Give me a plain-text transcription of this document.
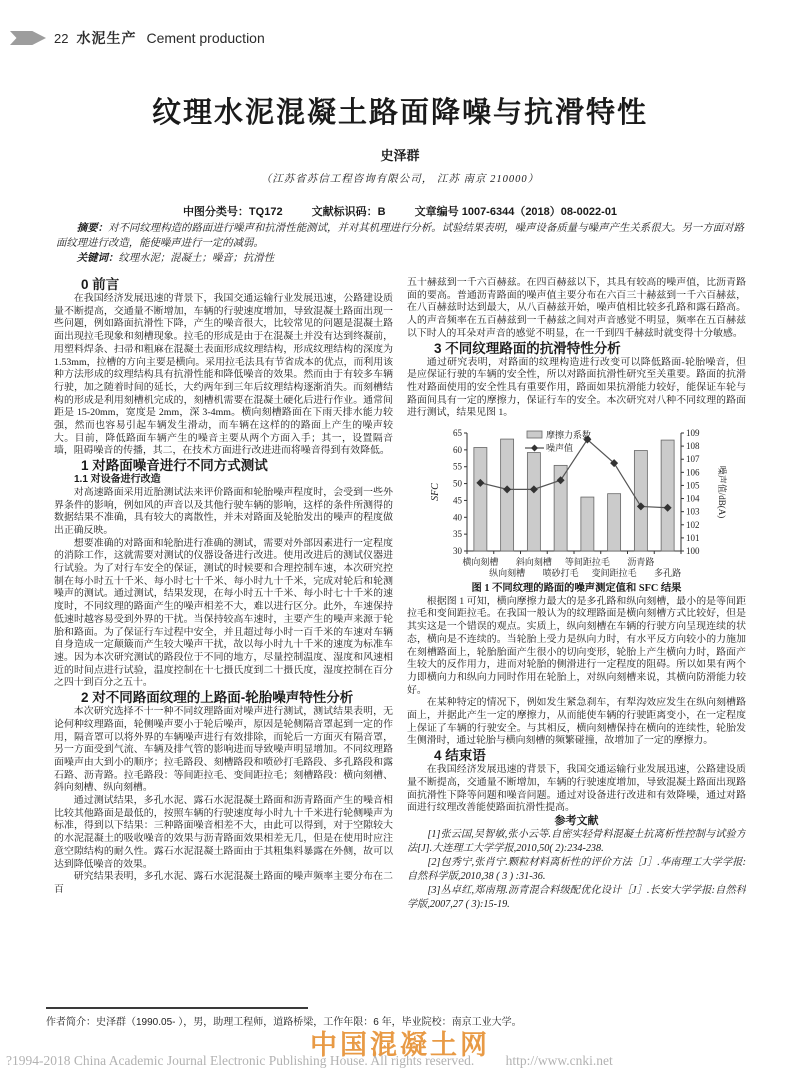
22 水泥生产 Cement production
纹理水泥混凝土路面降噪与抗滑特性
史泽群
（江苏省苏信工程咨询有限公司， 江苏 南京 210000）
中图分类号：TQ172	文献标识码：B	文章编号 1007-6344（2018）08-0022-01
摘要：对不同纹理构造的路面进行噪声和抗滑性能测试，并对其机理进行分析。试验结果表明，噪声设备质量与噪声产生关系很大。另一方面对路面纹理进行改造，能使噪声进行一定的减弱。
关键词：纹理水泥；混凝土；噪音；抗滑性

0 前言

在我国经济发展迅速的背景下，我国交通运输行业发展迅速，公路建设质量不断提高，交通量不断增加，车辆的行驶速度增加，导致混凝土路面出现一些问题，例如路面抗滑性下降，产生的噪音很大，比较常见的问题是混凝土路面出现拉毛现象和刻槽现象。拉毛的形成是由于在混凝土并没有达到终凝前，用塑料焊条、扫帚和粗麻在混凝土表面形成纹理结构，形成纹理结构的深度为 1.53mm，拉槽的方向主要是横向。采用拉毛法具有节省成本的优点，而利用该种方法形成的纹理结构具有抗滑性能和降低噪音的效果。然而由于有较多车辆行驶，加之随着时间的延长，大约两年到三年后纹理结构逐渐消失。而刻槽结构的形成是利用刻槽机完成的，刻槽机需要在混凝土硬化后进行作业。通常间距是 15-20mm，宽度是 2mm，深 3-4mm。横向刻槽路面在下雨天排水能力较强，然而也容易引起车辆发生滑动，而车辆在这样的的路面上产生的噪声较大。目前，降低路面车辆产生的噪音主要从两个方面入手；其一，设置隔音墙，阻碍噪音的传播，其二，在技术方面进行改进进而将噪音得到有效降低。

1 对路面噪音进行不同方式测试

1.1 对设备进行改造

对高速路面采用近胎测试法来评价路面和轮胎噪声程度时，会受到一些外界条件的影响，例如风的声音以及其他行驶车辆的影响，这样的条件所测得的数据结果不准确，具有较大的离散性，并未对路面及轮胎发出的噪声的程度做出正确反映。

想要准确的对路面和轮胎进行准确的测试，需要对外部因素进行一定程度的消除工作，这就需要对测试的仪器设备进行改进。使用改进后的测试仪器进行试验。为了对行车安全的保证，测试的时候要和合理控制车速，本次研究控制在每小时五十千米、每小时七十千米、每小时九十千米，完成对轮后和轮测噪声的测试。通过测试，结果发现，在每小时五十千米、每小时七十千米的速度时，不同纹理的路面产生的噪声相差不大，难以进行区分。此外，车速保持低速时越容易受到外界的干扰。当保持较高车速时，主要产生的噪声来源于轮胎和路面。为了保证行车过程中安全，并且超过每小时一百千米的车速对车辆自身造成一定颠簸而产生较大噪声干扰，故以每小时九十千米的速度为标准车速。因为本次研究测试的路段位于不同的地方，尽量控制温度、湿度和风速相近的时间点进行试验，温度控制在十七摄氏度到二十摄氏度，湿度控制在百分之四十到百分之五十。

2 对不同路面纹理的上路面-轮胎噪声特性分析

本次研究选择不十一种不同纹理路面对噪声进行测试，测试结果表明，无论何种纹理路面，轮侧噪声要小于轮后噪声，原因是轮侧隔音罩起到一定的作用，隔音罩可以将外界的车辆噪声进行有效排除，而轮后一方面灭有隔音罩，另一方面受到气流、车辆及排气管的影响进而导致噪声明显增加。不同纹理路面噪声由大到小的顺序；拉毛路段、刻槽路段和喷砂打毛路段、多孔路段和露石路、沥青路。拉毛路段：等间距拉毛、变间距拉毛；刻槽路段：横向刻槽、斜向刻槽、纵向刻槽。

通过测试结果，多孔水泥、露石水泥混凝土路面和沥青路面产生的噪音相比较其他路面是最低的，按照车辆的行驶速度每小时九十千米进行轮侧噪声为标准，得到以下结果：三种路面噪音相差不大，由此可以得到，对于空隙较大的水泥混凝土的吸收噪音的效果与沥青路面效果相差无几，但是在使用时应注意空隙结构的耐久性。露石水泥混凝土路面由于其粗集料暴露在外侧，故可以达到降低噪音的效果。

研究结果表明，多孔水泥、露石水泥混凝土路面的噪声频率主要分布在二百

五十赫兹到一千六百赫兹。在四百赫兹以下，其具有较高的噪声值，比沥青路面的要高。普通沥青路面的噪声值主要分布在六百三十赫兹到一千六百赫兹，在八百赫兹时达到最大，从八百赫兹开始，噪声值相比较多孔路和露石路高。人的声音频率在五百赫兹到一千赫兹之间对声音感觉不明显，频率在五百赫兹以下时人的耳朵对声音的感觉不明显，在一千到四千赫兹时就变得十分敏感。

3 不同纹理路面的抗滑特性分析

通过研究表明，对路面的纹理构造进行改变可以降低路面-轮胎噪音，但是应保证行驶的车辆的安全性，所以对路面抗滑性研究至关重要。路面的抗滑性对路面使用的安全性具有重要作用，路面如果抗滑能力较好，能保证车轮与路面间具有一定的摩擦力，保证行车的安全。本次研究对八种不同纹理的路面进行测试，结果见图 1。

30
35
40
45
50
55
60
65
100
101
102
103
104
105
106
107
108
109
横向刻槽
纵向刻槽
斜向刻槽
喷砂打毛
等间距拉毛
变间距拉毛
沥青路
多孔路
SFC	噪声值/dB(A)
摩擦力系数
噪声值

图 1 不同纹理的路面的噪声测定值和 SFC 结果

根据图 1 可知，横向摩擦力最大的是多孔路和纵向刻槽，最小的是等间距拉毛和变间距拉毛。在我国一般认为的纹理路面是横向刻槽方式比较好，但是其实这是一个错误的观点。实质上，纵向刻槽在车辆的行驶方向呈现连续的状态，横向是不连续的。当轮胎上受力是纵向力时，有水平反方向较小的力施加在刻槽路面上，轮胎胎面产生很小的切向变形，轮胎上产生横向力时，路面产生较大的反作用力，进而对轮胎的侧滑进行一定程度的阻碍。所以如果有两个力即横向力和纵向力同时作用在轮胎上，对纵向刻槽来说，其横向防滑能力较好。

在某种特定的情况下，例如发生紧急刹车，有犁沟效应发生在纵向刻槽路面上，并据此产生一定的摩擦力，从而能使车辆的行驶距离变小，在一定程度上保证了车辆的行驶安全。与其相反，横向刻槽保持在横向的连续性，轮胎发生侧滑时，通过轮胎与横向刻槽的频繁碰撞，故增加了一定的摩擦力。

4 结束语

在我国经济发展迅速的背景下，我国交通运输行业发展迅速，公路建设质量不断提高，交通量不断增加，车辆的行驶速度增加，导致混凝土路面出现路面抗滑性下降等问题和噪音问题。通过对设备进行改进和有效降噪，通过对路面进行纹理改善能使路面抗滑性提高。

参考文献

[1]张云国,吴智敏,张小云等.自密实轻骨料混凝土抗离析性控制与试验方法[J].大连理工大学学报,2010,50( 2):234-238.

[2]包秀宁,张肖宁.颗粒材料离析性的评价方法［J］.华南理工大学学报:自然科学版,2010,38 ( 3 ) :31-36.

[3]丛卓红,郑南翔.沥青混合料级配优化设计［J］.长安大学学报:自然科学版,2007,27 ( 3):15-19.

作者简介：史泽群（1990.05- ），男，助理工程师，道路桥梁，工作年限：6 年，毕业院校：南京工业大学。
中国混凝土网
?1994-2018 China Academic Journal Electronic Publishing House. All rights reserved. http://www.cnki.net
